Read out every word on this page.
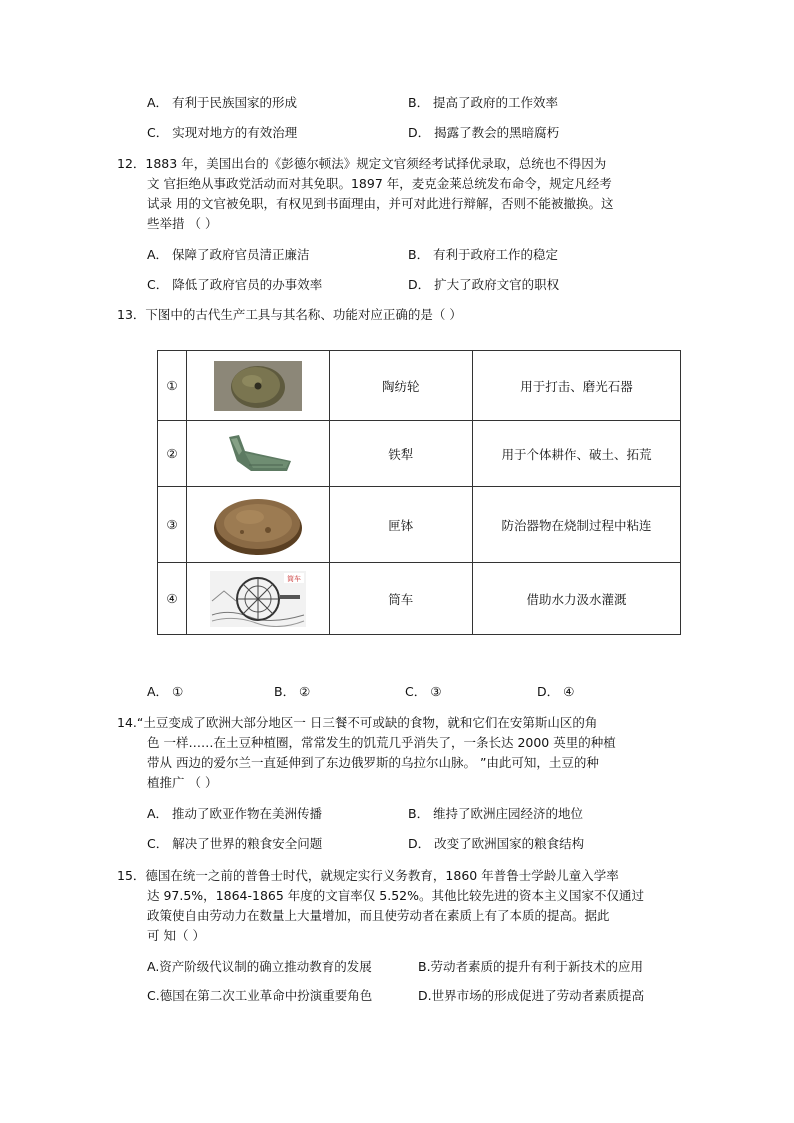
A． 有利于民族国家的形成	B． 提高了政府的工作效率
C． 实现对地方的有效治理	D． 揭露了教会的黑暗腐朽
12．1883 年，美国出台的《彭德尔顿法》规定文官须经考试择优录取，总统也不得因为
文 官拒绝从事政党活动而对其免职。1897 年，麦克金莱总统发布命令，规定凡经考
试录 用的文官被免职，有权见到书面理由，并可对此进行辩解，否则不能被撤换。这
些举措 （ ）
A． 保障了政府官员清正廉洁	B． 有利于政府工作的稳定
C． 降低了政府官员的办事效率	D． 扩大了政府文官的职权
13．下图中的古代生产工具与其名称、功能对应正确的是（ ）
①		陶纺轮	用于打击、磨光石器
②		铁犁	用于个体耕作、破土、拓荒
③		匣钵	防治器物在烧制过程中粘连
④	筒车	筒车	借助水力汲水灌溉
A． ①	B． ②	C． ③	D． ④
14.“土豆变成了欧洲大部分地区一 日三餐不可或缺的食物，就和它们在安第斯山区的角
色 一样……在土豆种植圈，常常发生的饥荒几乎消失了，一条长达 2000 英里的种植
带从 西边的爱尔兰一直延伸到了东边俄罗斯的乌拉尔山脉。 ”由此可知，土豆的种
植推广 （ ）
A． 推动了欧亚作物在美洲传播	B． 维持了欧洲庄园经济的地位
C． 解决了世界的粮食安全问题	D． 改变了欧洲国家的粮食结构
15．德国在统一之前的普鲁士时代，就规定实行义务教育，1860 年普鲁士学龄儿童入学率
达 97.5%，1864-1865 年度的文盲率仅 5.52%。其他比较先进的资本主义国家不仅通过
政策使自由劳动力在数量上大量增加，而且使劳动者在素质上有了本质的提高。据此
可 知（ ）
A.资产阶级代议制的确立推动教育的发展	B.劳动者素质的提升有利于新技术的应用
C.德国在第二次工业革命中扮演重要角色	D.世界市场的形成促进了劳动者素质提高
